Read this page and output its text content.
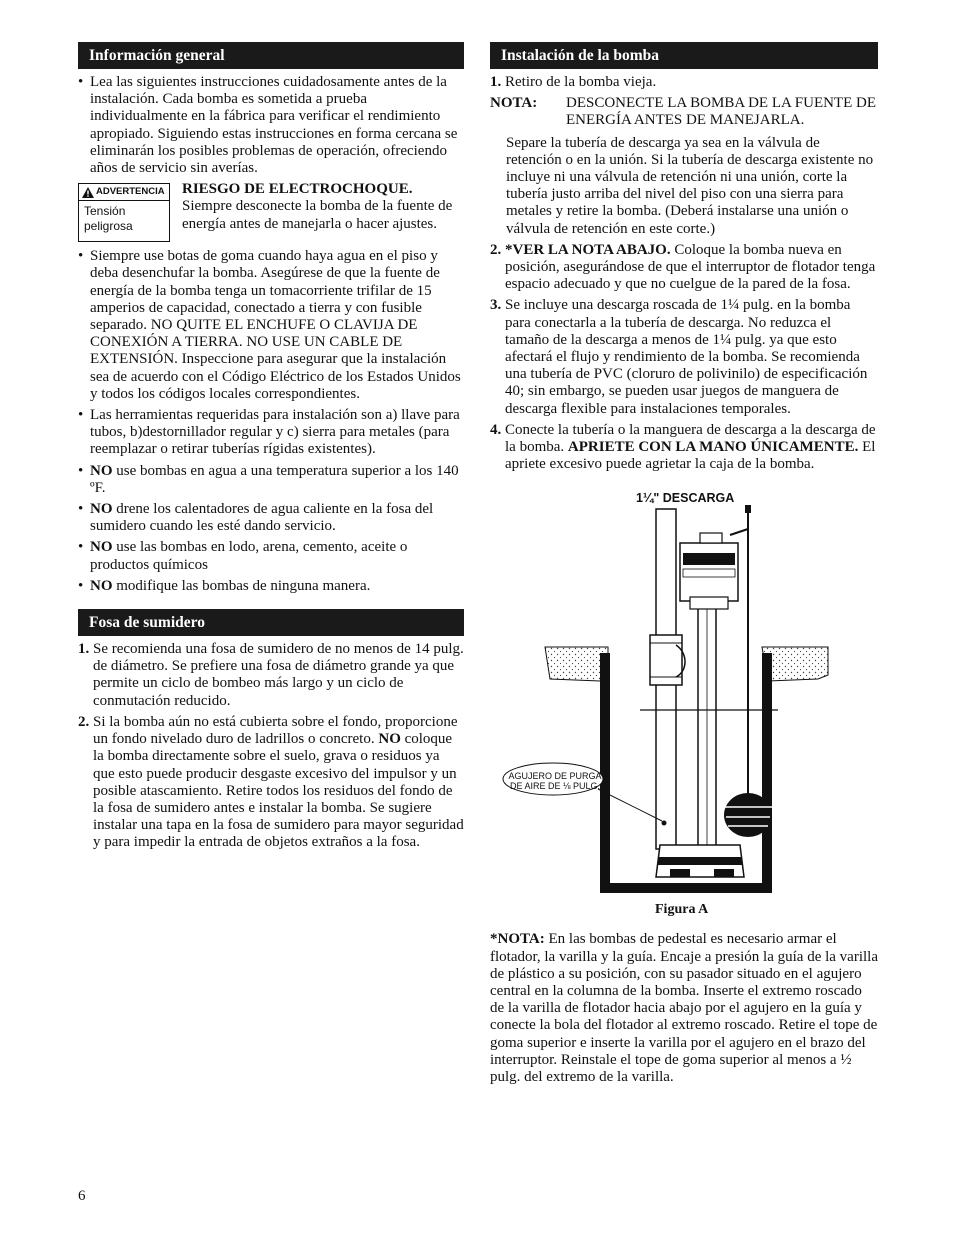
Información general

• Lea las siguientes instrucciones cuidadosamente antes de la instalación. Cada bomba es sometida a prueba individualmente en la fábrica para verificar el rendimiento apropiado. Siguiendo estas instrucciones en forma cercana se eliminarán los posibles problemas de operación, ofreciendo años de servicio sin averías.

ADVERTENCIA
Tensión peligrosa
RIESGO DE ELECTROCHOQUE.
Siempre desconecte la bomba de la fuente de energía antes de manejarla o hacer ajustes.

• Siempre use botas de goma cuando haya agua en el piso y deba desenchufar la bomba. Asegúrese de que la fuente de energía de la bomba tenga un tomacorriente trifilar de 15 amperios de capacidad, conectado a tierra y con fusible separado. NO QUITE EL ENCHUFE O CLAVIJA DE CONEXIÓN A TIERRA. NO USE UN CABLE DE EXTENSIÓN. Inspeccione para asegurar que la instalación sea de acuerdo con el Código Eléctrico de los Estados Unidos y todos los códigos locales correspondientes.

• Las herramientas requeridas para instalación son a) llave para tubos, b)destornillador regular y c) sierra para metales (para reemplazar o retirar tuberías rígidas existentes).

• NO use bombas en agua a una temperatura superior a los 140 ºF.

• NO drene los calentadores de agua caliente en la fosa del sumidero cuando les esté dando servicio.

• NO use las bombas en lodo, arena, cemento, aceite o productos químicos

• NO modifique las bombas de ninguna manera.

Fosa de sumidero

1. Se recomienda una fosa de sumidero de no menos de 14 pulg. de diámetro. Se prefiere una fosa de diámetro grande ya que permite un ciclo de bombeo más largo y un ciclo de conmutación reducido.

2. Si la bomba aún no está cubierta sobre el fondo, proporcione un fondo nivelado duro de ladrillos o concreto. NO coloque la bomba directamente sobre el suelo, grava o residuos ya que esto puede producir desgaste excesivo del impulsor y un posible atascamiento. Retire todos los residuos del fondo de la fosa de sumidero antes e instalar la bomba. Se sugiere instalar una tapa en la fosa de sumidero para mayor seguridad y para impedir la entrada de objetos extraños a la fosa.

Instalación de la bomba

1. Retiro de la bomba vieja.

NOTA:	DESCONECTE LA BOMBA DE LA FUENTE DE ENERGÍA ANTES DE MANEJARLA.

Separe la tubería de descarga ya sea en la válvula de retención o en la unión. Si la tubería de descarga existente no incluye ni una válvula de retención ni una unión, corte la tubería justo arriba del nivel del piso con una sierra para metales y retire la bomba. (Deberá instalarse una unión o válvula de retención en este corte.)

2. *VER LA NOTA ABAJO. Coloque la bomba nueva en posición, asegurándose de que el interruptor de flotador tenga espacio adecuado y que no cuelgue de la pared de la fosa.

3. Se incluye una descarga roscada de 1¼ pulg. en la bomba para conectarla a la tubería de descarga. No reduzca el tamaño de la descarga a menos de 1¼ pulg. ya que esto afectará el flujo y rendimiento de la bomba. Se recomienda una tubería de PVC (cloruro de polivinilo) de especificación 40; sin embargo, se pueden usar juegos de manguera de descarga flexible para instalaciones temporales.

4. Conecte la tubería o la manguera de descarga a la descarga de la bomba. APRIETE CON LA MANO ÚNICAMENTE. El apriete excesivo puede agrietar la caja de la bomba.

1¼" DESCARGA
AGUJERO DE PURGA DE AIRE DE ⅛ PULG.
Figura A

*NOTA: En las bombas de pedestal es necesario armar el flotador, la varilla y la guía. Encaje a presión la guía de la varilla de plástico a su posición, con su pasador situado en el agujero central en la columna de la bomba. Inserte el extremo roscado de la varilla de flotador hacia abajo por el agujero en la guía y conecte la bola del flotador al extremo roscado. Retire el tope de goma superior e inserte la varilla por el agujero en el brazo del interruptor. Reinstale el tope de goma superior al menos a ½ pulg. del extremo de la varilla.

6
